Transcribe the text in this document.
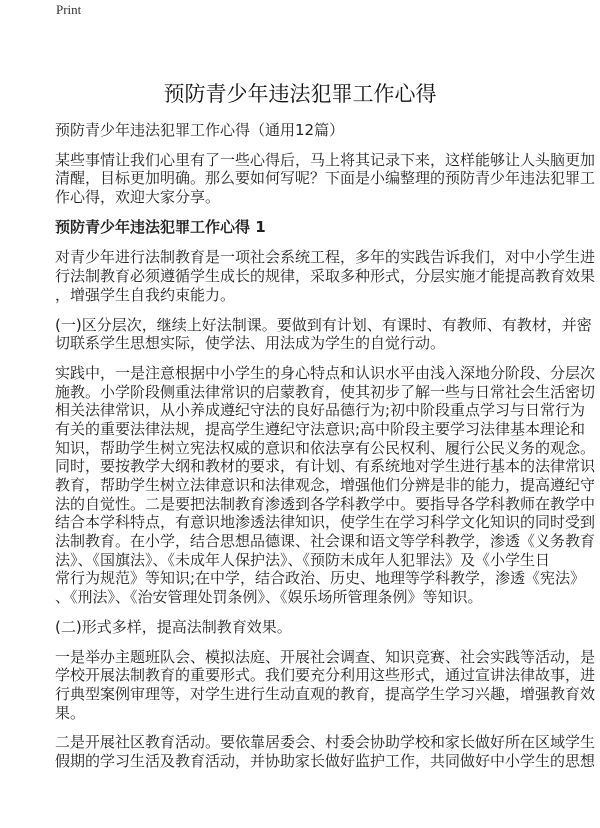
Print
预防青少年违法犯罪工作心得
预防青少年违法犯罪工作心得（通用12篇）
某些事情让我们心里有了一些心得后，马上将其记录下来，这样能够让人头脑更加
清醒，目标更加明确。那么要如何写呢？下面是小编整理的预防青少年违法犯罪工
作心得，欢迎大家分享。
预防青少年违法犯罪工作心得 1
对青少年进行法制教育是一项社会系统工程，多年的实践告诉我们，对中小学生进
行法制教育必须遵循学生成长的规律，采取多种形式，分层实施才能提高教育效果
，增强学生自我约束能力。
(一)区分层次，继续上好法制课。要做到有计划、有课时、有教师、有教材，并密
切联系学生思想实际，使学法、用法成为学生的自觉行动。
实践中，一是注意根据中小学生的身心特点和认识水平由浅入深地分阶段、分层次
施教。小学阶段侧重法律常识的启蒙教育，使其初步了解一些与日常社会生活密切
相关法律常识，从小养成遵纪守法的良好品德行为;初中阶段重点学习与日常行为
有关的重要法律法规，提高学生遵纪守法意识;高中阶段主要学习法律基本理论和
知识，帮助学生树立宪法权威的意识和依法享有公民权利、履行公民义务的观念。
同时，要按教学大纲和教材的要求，有计划、有系统地对学生进行基本的法律常识
教育，帮助学生树立法律意识和法律观念，增强他们分辨是非的能力，提高遵纪守
法的自觉性。二是要把法制教育渗透到各学科教学中。要指导各学科教师在教学中
结合本学科特点，有意识地渗透法律知识，使学生在学习科学文化知识的同时受到
法制教育。在小学，结合思想品德课、社会课和语文等学科教学，渗透《义务教育
法》、《国旗法》、《未成年人保护法》、《预防未成年人犯罪法》及《小学生日
常行为规范》等知识;在中学，结合政治、历史、地理等学科教学，渗透《宪法》
、《刑法》、《治安管理处罚条例》、《娱乐场所管理条例》等知识。
(二)形式多样，提高法制教育效果。
一是举办主题班队会、模拟法庭、开展社会调查、知识竞赛、社会实践等活动，是
学校开展法制教育的重要形式。我们要充分利用这些形式，通过宣讲法律故事，进
行典型案例审理等，对学生进行生动直观的教育，提高学生学习兴趣，增强教育效
果。
二是开展社区教育活动。要依靠居委会、村委会协助学校和家长做好所在区域学生
假期的学习生活及教育活动，并协助家长做好监护工作，共同做好中小学生的思想
